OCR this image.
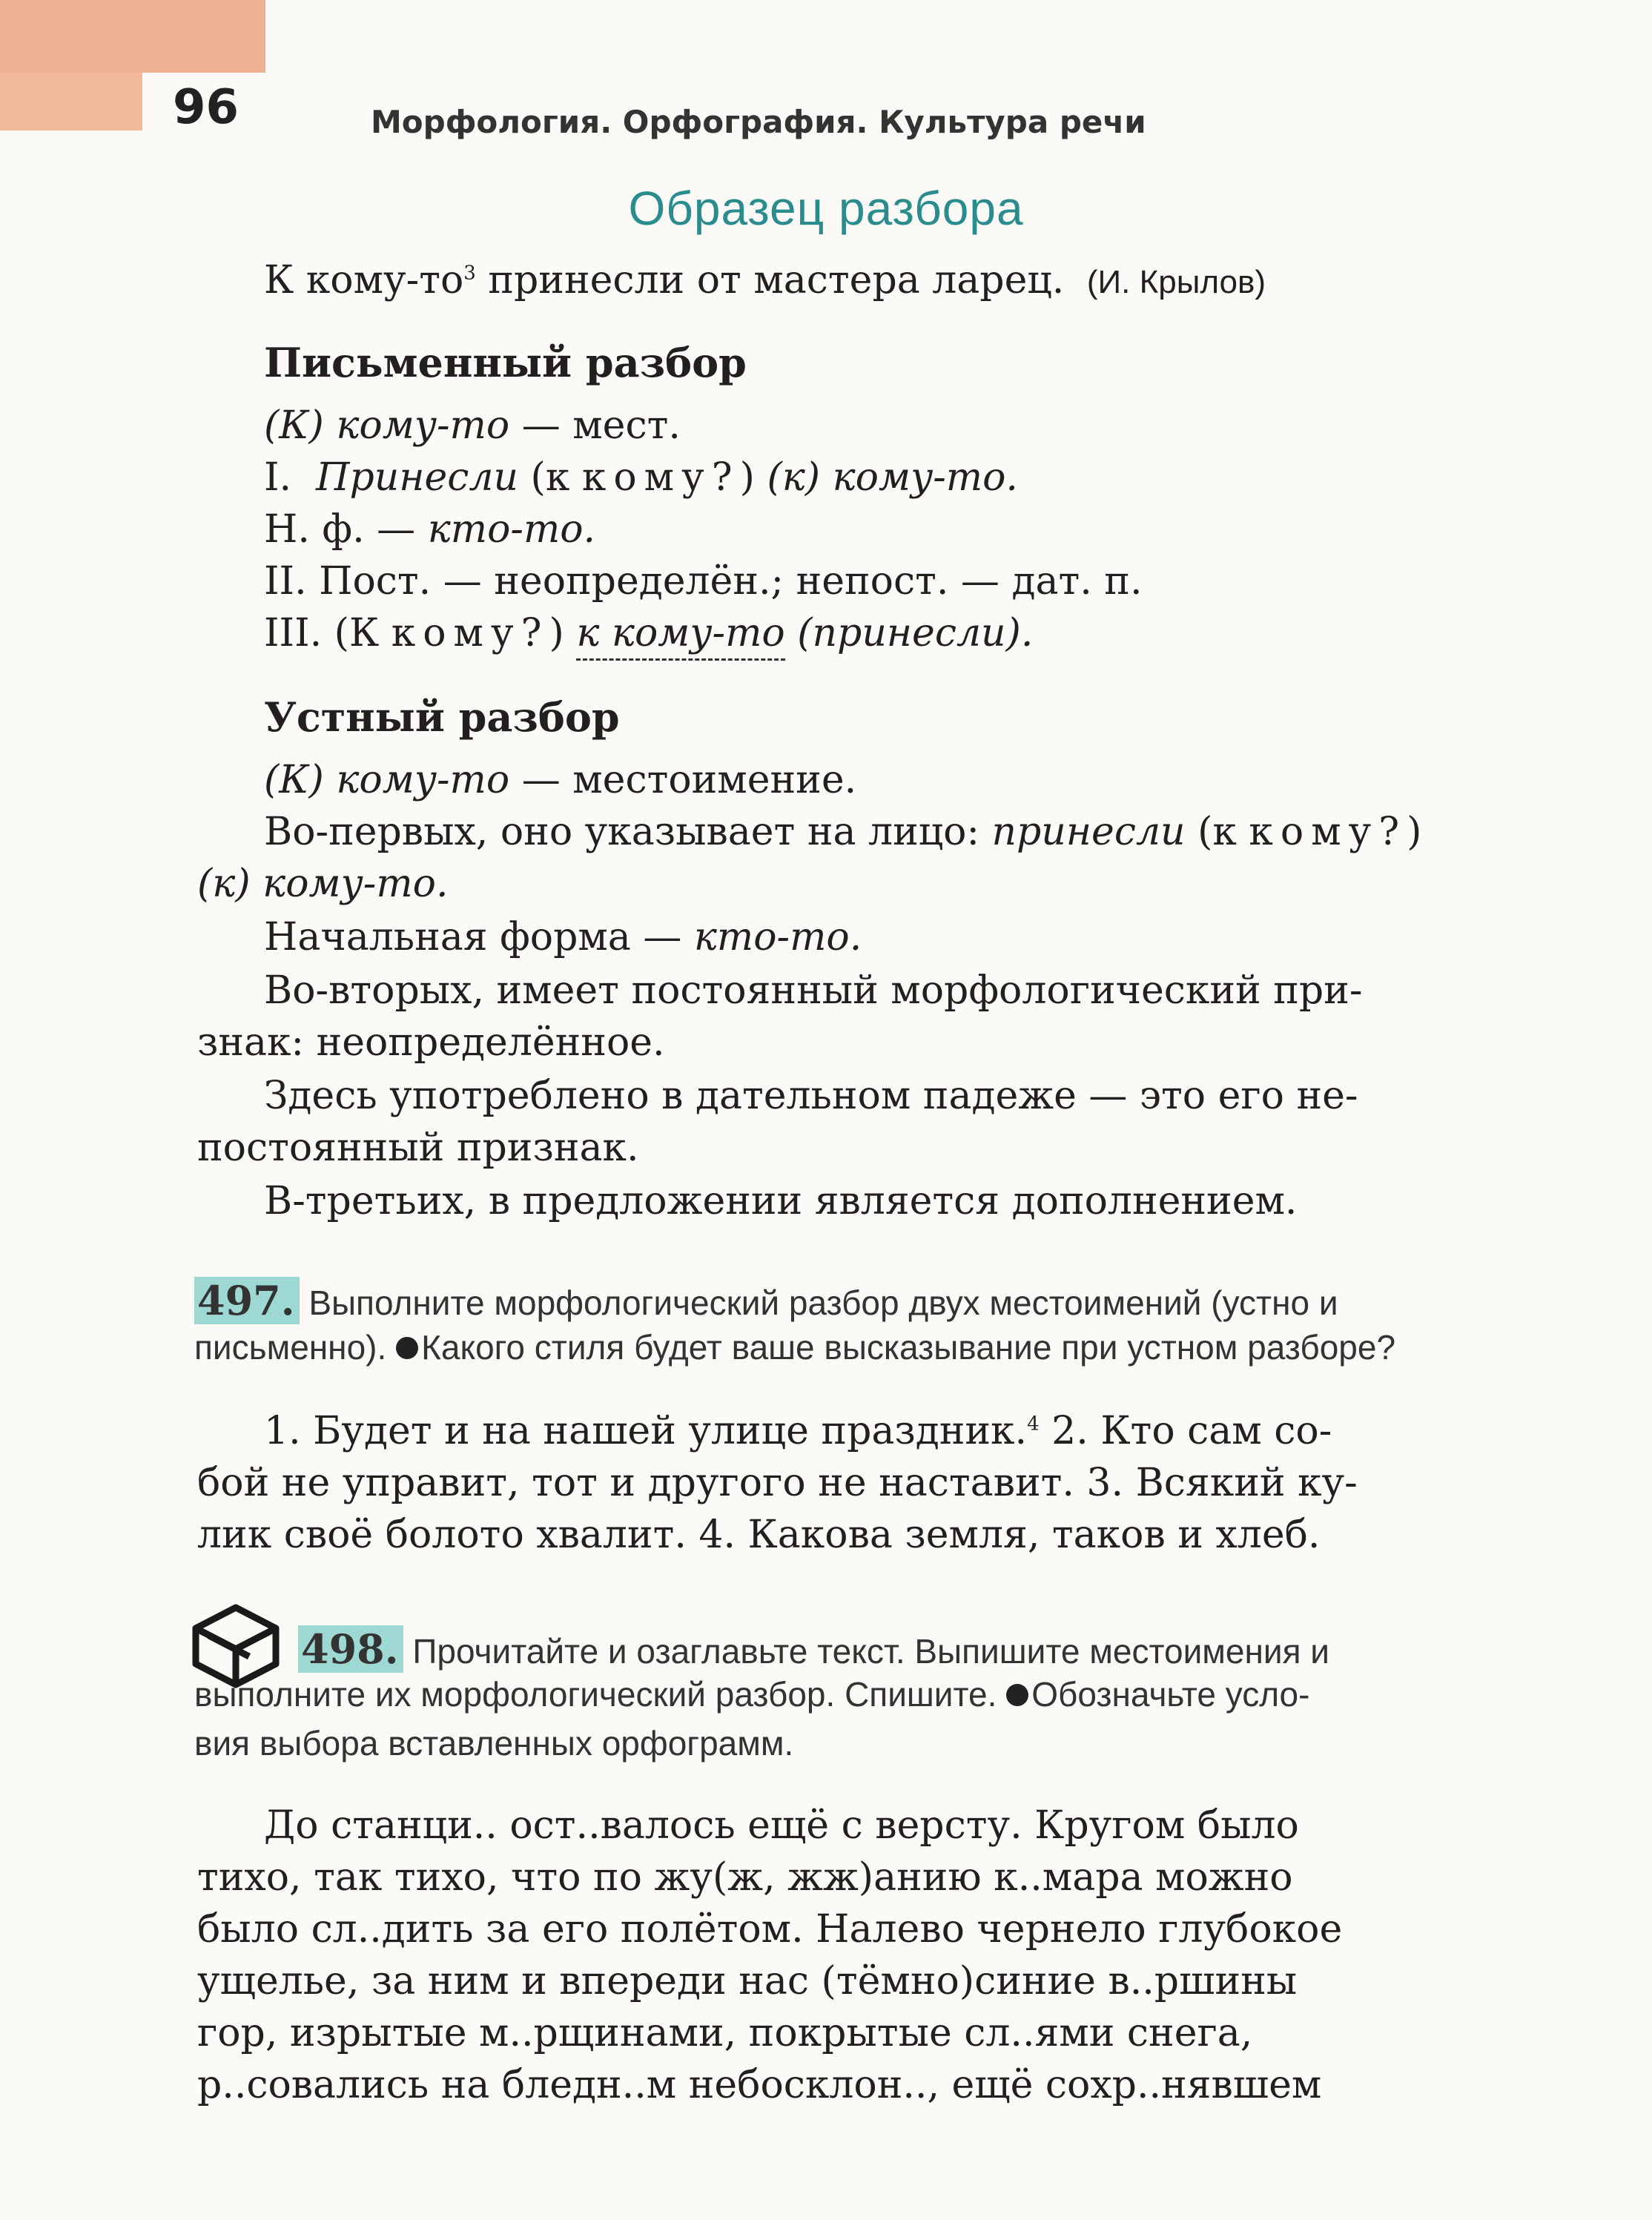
96	Морфология. Орфография. Культура речи
Образец разбора
К кому-$то^3$ принесли от мастера ларец. (И. Крылов)
Письменный разбор
(К) кому-то — мест.
I. Принесли (к кому?) (к) кому-то.
Н. ф. — кто-то.
II. Пост. — неопределён.; непост. — дат. п.
III. (К кому?) к кому-то (принесли).
Устный разбор
(К) кому-то — местоимение.
Во-первых, оно указывает на лицо: принесли (к кому?)
(к) кому-то.
Начальная форма — кто-то.
Во-вторых, имеет постоянный морфологический при-
знак: неопределённое.
Здесь употреблено в дательном падеже — это его не-
постоянный признак.
В-третьих, в предложении является дополнением.
497. Выполните морфологический разбор двух местоимений (устно и
письменно). Какого стиля будет ваше высказывание при устном разборе?
1. Будет и на нашей улице праздник.$^4$ 2. Кто сам со-
бой не управит, тот и другого не наставит. 3. Всякий ку-
лик своё болото хвалит. 4. Какова земля, таков и хлеб.
498. Прочитайте и озаглавьте текст. Выпишите местоимения и
выполните их морфологический разбор. Спишите. Обозначьте усло-
вия выбора вставленных орфограмм.
До станци.. ост..валось ещё с версту. Кругом было
тихо, так тихо, что по жу(ж, жж)анию к..мара можно
было сл..дить за его полётом. Налево чернело глубокое
ущелье, за ним и впереди нас (тёмно)синие в..ршины
гор, изрытые м..рщинами, покрытые сл..ями снега,
р..совались на бледн..м небосклон.., ещё сохр..нявшем
